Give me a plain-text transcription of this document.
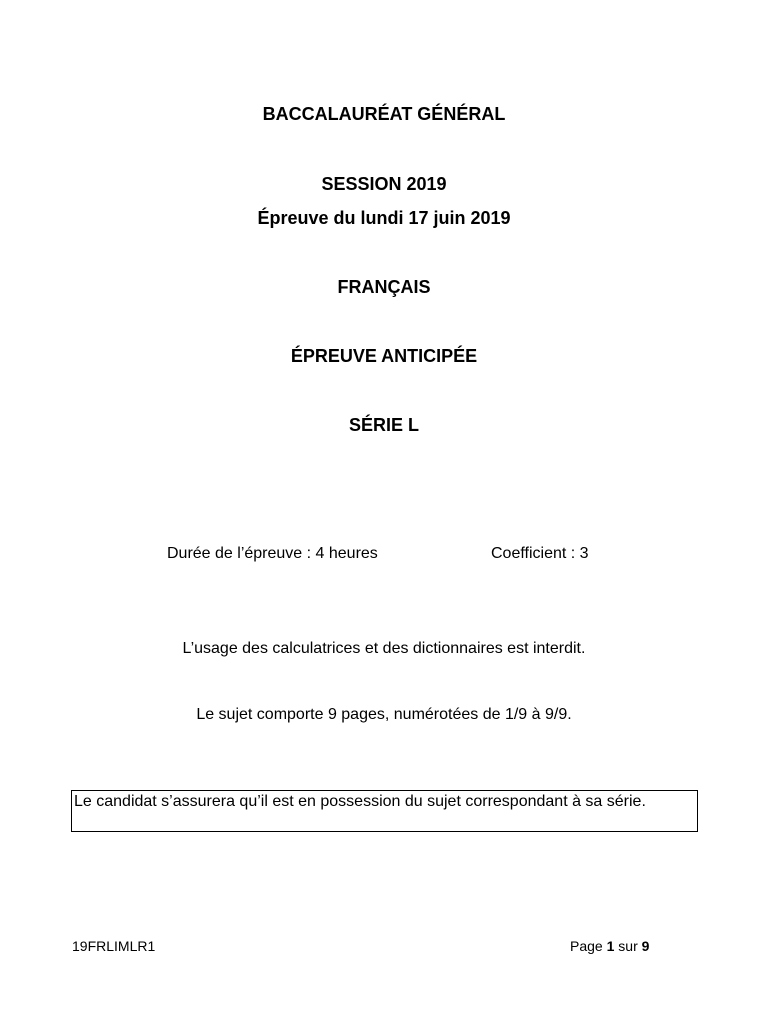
BACCALAURÉAT GÉNÉRAL
SESSION 2019
Épreuve du lundi 17 juin 2019
FRANÇAIS
ÉPREUVE ANTICIPÉE
SÉRIE L
Durée de l’épreuve : 4 heures	Coefficient : 3
L’usage des calculatrices et des dictionnaires est interdit.
Le sujet comporte 9 pages, numérotées de 1/9 à 9/9.
Le candidat s’assurera qu’il est en possession du sujet correspondant à sa série.
19FRLIMLR1	Page 1 sur 9
